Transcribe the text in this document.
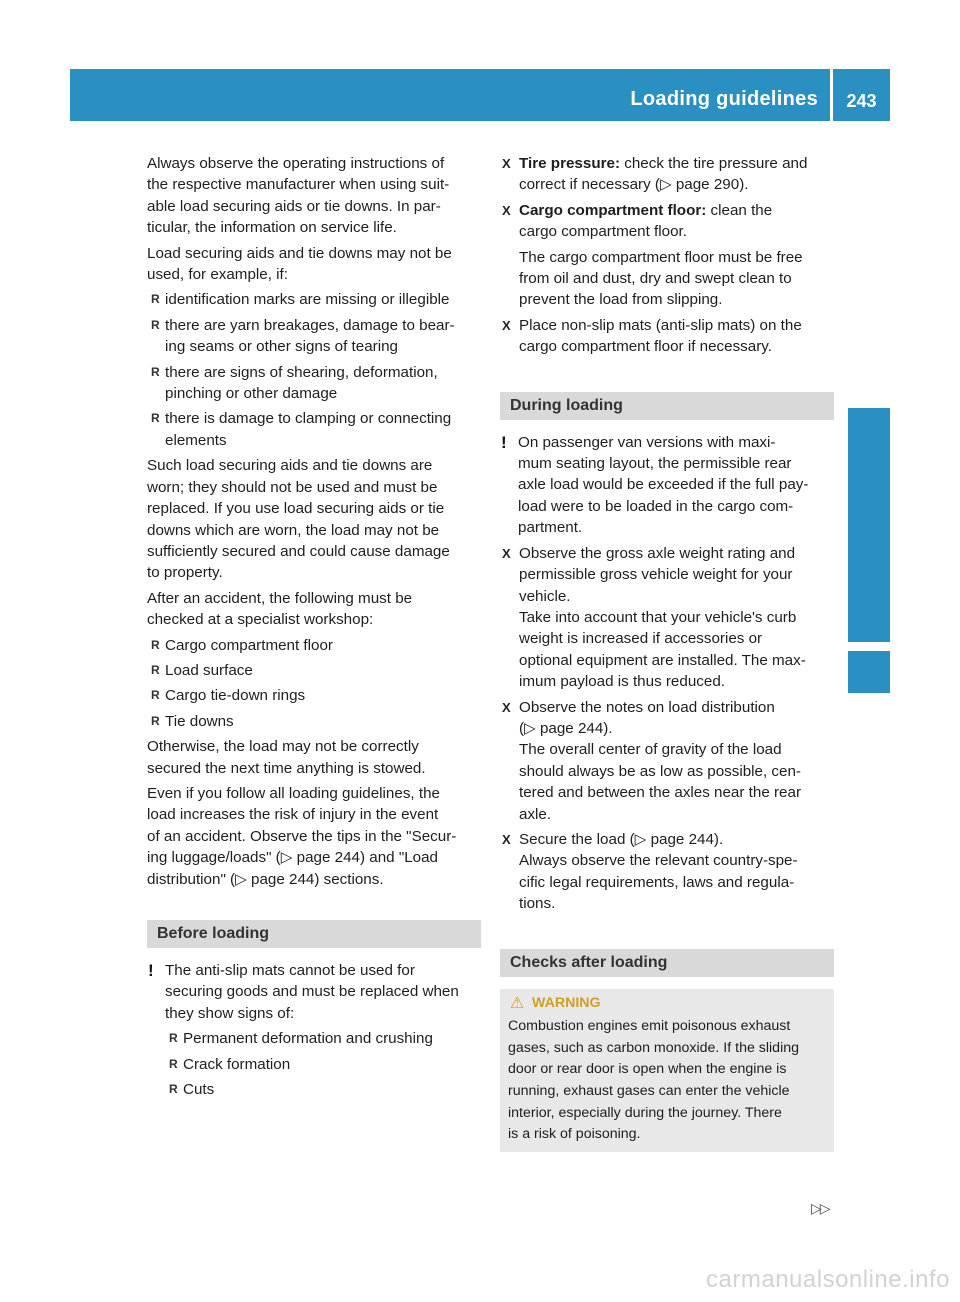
Loading guidelines	243
Transporting loads
Always observe the operating instructions of
the respective manufacturer when using suit-
able load securing aids or tie downs. In par-
ticular, the information on service life.
Load securing aids and tie downs may not be
used, for example, if:
R identification marks are missing or illegible
R there are yarn breakages, damage to bear-
ing seams or other signs of tearing
R there are signs of shearing, deformation,
pinching or other damage
R there is damage to clamping or connecting
elements
Such load securing aids and tie downs are
worn; they should not be used and must be
replaced. If you use load securing aids or tie
downs which are worn, the load may not be
sufficiently secured and could cause damage
to property.
After an accident, the following must be
checked at a specialist workshop:
R Cargo compartment floor
R Load surface
R Cargo tie-down rings
R Tie downs
Otherwise, the load may not be correctly
secured the next time anything is stowed.
Even if you follow all loading guidelines, the
load increases the risk of injury in the event
of an accident. Observe the tips in the "Secur-
ing luggage/loads" (▷ page 244) and "Load
distribution" (▷ page 244) sections.
Before loading
! The anti-slip mats cannot be used for
securing goods and must be replaced when
they show signs of:
R Permanent deformation and crushing
R Crack formation
R Cuts
X Tire pressure: check the tire pressure and
correct if necessary (▷ page 290).
X Cargo compartment floor: clean the
cargo compartment floor.
The cargo compartment floor must be free
from oil and dust, dry and swept clean to
prevent the load from slipping.
X Place non-slip mats (anti-slip mats) on the
cargo compartment floor if necessary.
During loading
! On passenger van versions with maxi-
mum seating layout, the permissible rear
axle load would be exceeded if the full pay-
load were to be loaded in the cargo com-
partment.
X Observe the gross axle weight rating and
permissible gross vehicle weight for your
vehicle.
Take into account that your vehicle's curb
weight is increased if accessories or
optional equipment are installed. The max-
imum payload is thus reduced.
X Observe the notes on load distribution
(▷ page 244).
The overall center of gravity of the load
should always be as low as possible, cen-
tered and between the axles near the rear
axle.
X Secure the load (▷ page 244).
Always observe the relevant country-spe-
cific legal requirements, laws and regula-
tions.
Checks after loading
⚠ WARNING
Combustion engines emit poisonous exhaust
gases, such as carbon monoxide. If the sliding
door or rear door is open when the engine is
running, exhaust gases can enter the vehicle
interior, especially during the journey. There
is a risk of poisoning.
▷▷
carmanualsonline.info
